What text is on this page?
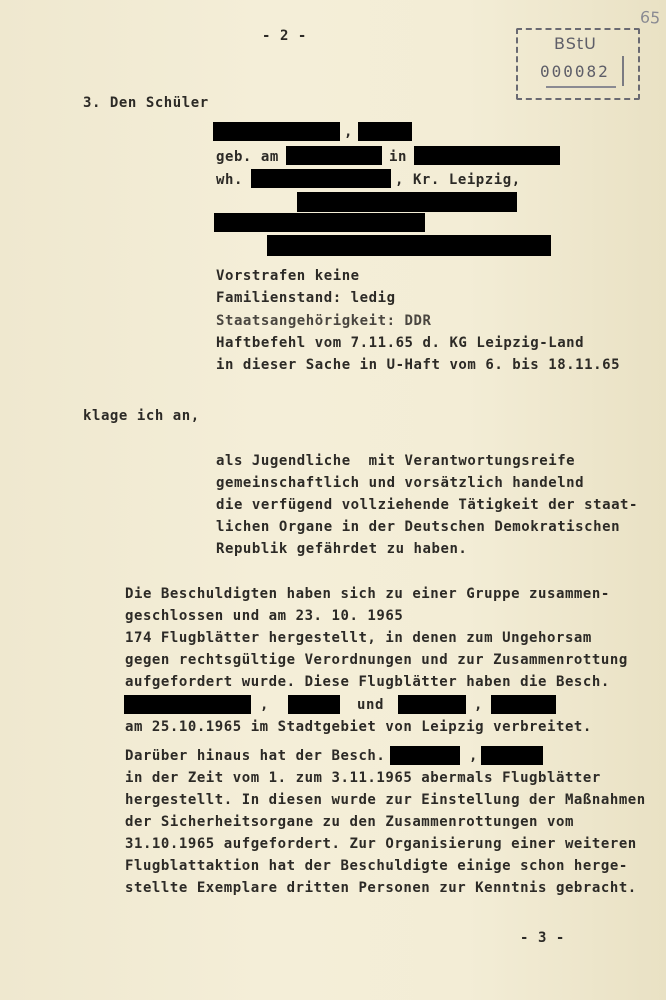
- 2 -
65
BStU
000082
3. Den Schüler
,
geb. am	in
wh.	, Kr. Leipzig,
Vorstrafen keine
Familienstand: ledig
Staatsangehörigkeit: DDR
Haftbefehl vom 7.11.65 d. KG Leipzig-Land
in dieser Sache in U-Haft vom 6. bis 18.11.65
klage ich an,
als Jugendliche  mit Verantwortungsreife
gemeinschaftlich und vorsätzlich handelnd
die verfügend vollziehende Tätigkeit der staat-
lichen Organe in der Deutschen Demokratischen
Republik gefährdet zu haben.
Die Beschuldigten haben sich zu einer Gruppe zusammen-
geschlossen und am 23. 10. 1965
174 Flugblätter hergestellt, in denen zum Ungehorsam
gegen rechtsgültige Verordnungen und zur Zusammenrottung
aufgefordert wurde. Diese Flugblätter haben die Besch.
,	und	,
am 25.10.1965 im Stadtgebiet von Leipzig verbreitet.
Darüber hinaus hat der Besch.	,
in der Zeit vom 1. zum 3.11.1965 abermals Flugblätter
hergestellt. In diesen wurde zur Einstellung der Maßnahmen
der Sicherheitsorgane zu den Zusammenrottungen vom
31.10.1965 aufgefordert. Zur Organisierung einer weiteren
Flugblattaktion hat der Beschuldigte einige schon herge-
stellte Exemplare dritten Personen zur Kenntnis gebracht.
- 3 -
